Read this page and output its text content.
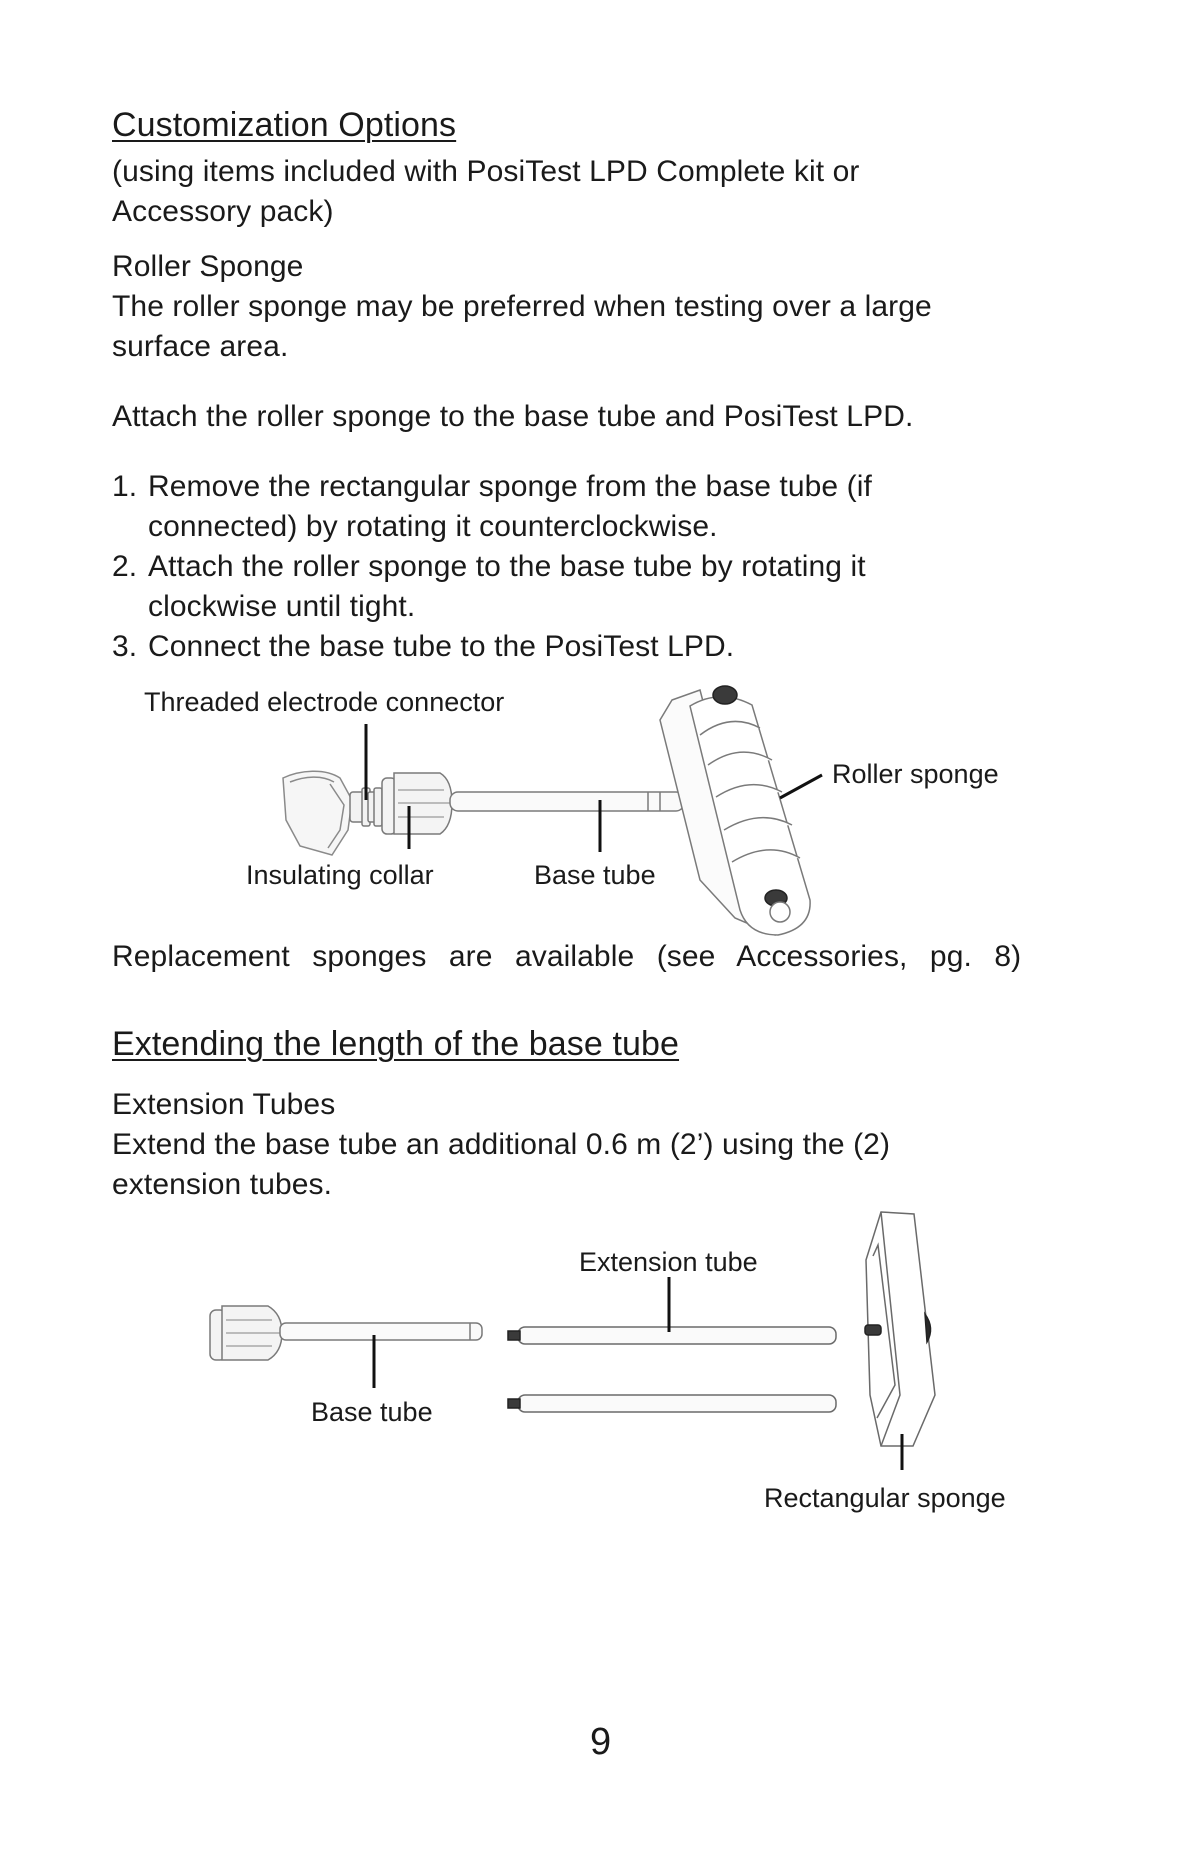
Customization Options
(using items included with PosiTest LPD Complete kit or
Accessory pack)
Roller Sponge
The roller sponge may be preferred when testing over a large
surface area.
Attach the roller sponge to the base tube and PosiTest LPD.
1. Remove the rectangular sponge from the base tube (if
connected) by rotating it counterclockwise.
2. Attach the roller sponge to the base tube by rotating it
clockwise until tight.
3. Connect the base tube to the PosiTest LPD.
Threaded electrode connector
Insulating collar	Base tube
Roller sponge
Replacement sponges are available (see Accessories, pg. 8)
Extending the length of the base tube
Extension Tubes
Extend the base tube an additional 0.6 m (2’) using the (2)
extension tubes.
Extension tube
Base tube
Rectangular sponge
9
